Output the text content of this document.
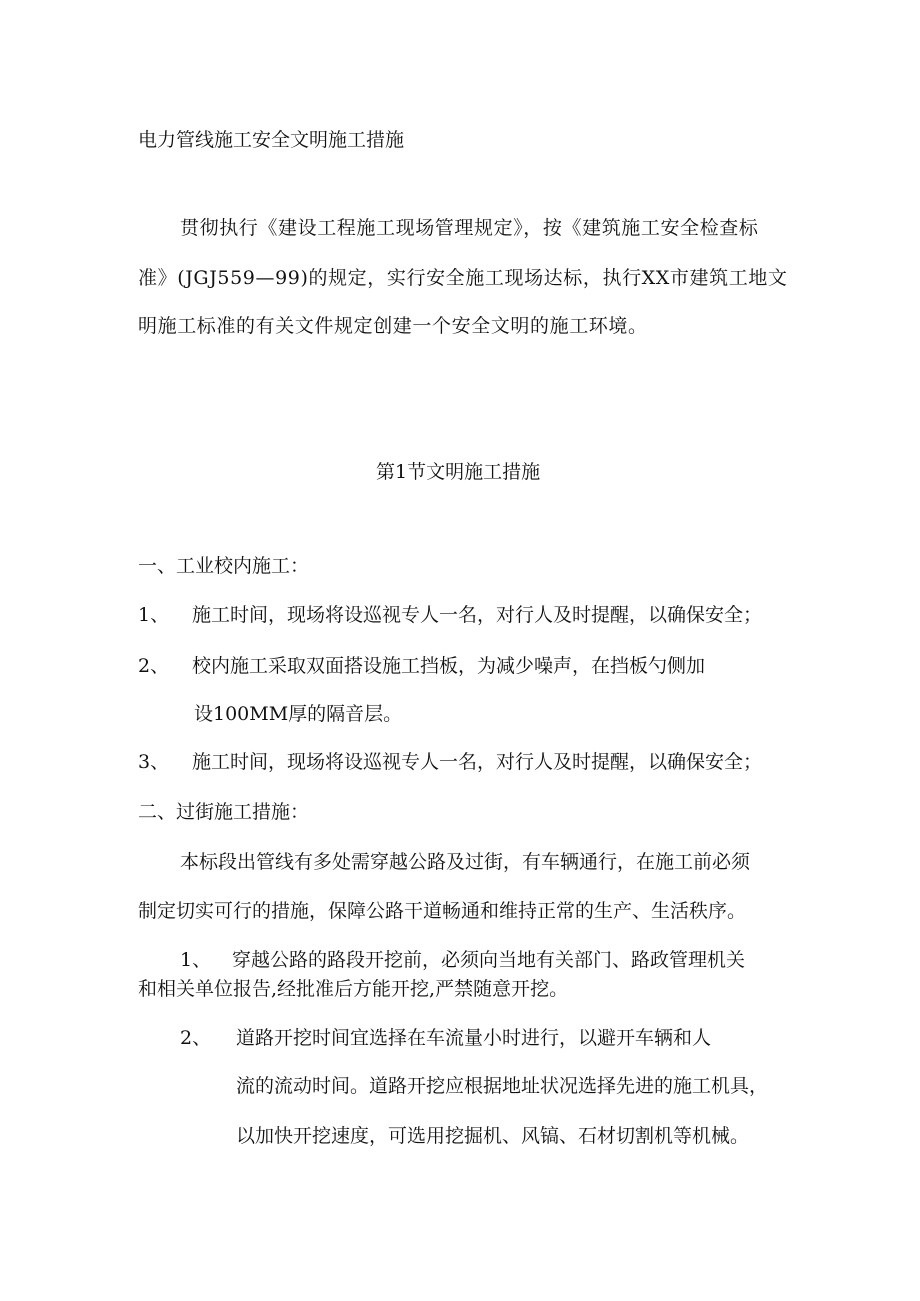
电力管线施工安全文明施工措施
贯彻执行《建设工程施工现场管理规定》，按《建筑施工安全检查标
准》(JGJ559—99)的规定，实行安全施工现场达标，执行XX市建筑工地文
明施工标准的有关文件规定创建一个安全文明的施工环境。
第1节文明施工措施
一、工业校内施工：
1、 施工时间，现场将设巡视专人一名，对行人及时提醒，以确保安全；
2、 校内施工采取双面搭设施工挡板，为减少噪声，在挡板勺侧加
设100MM厚的隔音层。
3、 施工时间，现场将设巡视专人一名，对行人及时提醒，以确保安全；
二、过街施工措施：
本标段出管线有多处需穿越公路及过街，有车辆通行，在施工前必须
制定切实可行的措施，保障公路干道畅通和维持正常的生产、生活秩序。
1、 穿越公路的路段开挖前，必须向当地有关部门、路政管理机关
和相关单位报告,经批准后方能开挖,严禁随意开挖。
2、 道路开挖时间宜选择在车流量小时进行，以避开车辆和人
流的流动时间。道路开挖应根据地址状况选择先进的施工机具，
以加快开挖速度，可选用挖掘机、风镐、石材切割机等机械。
